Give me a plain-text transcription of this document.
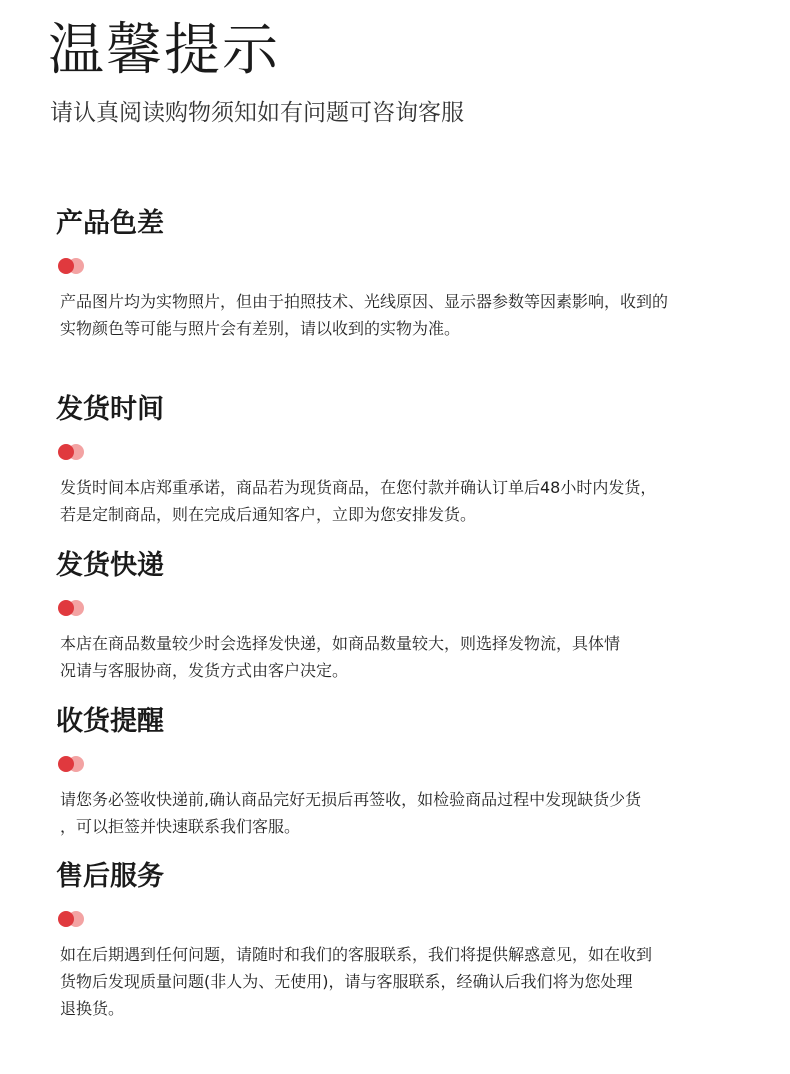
温馨提示

请认真阅读购物须知如有问题可咨询客服

产品色差

产品图片均为实物照片，但由于拍照技术、光线原因、显示器参数等因素影响，收到的

实物颜色等可能与照片会有差别，请以收到的实物为准。

发货时间

发货时间本店郑重承诺，商品若为现货商品，在您付款并确认订单后48小时内发货，

若是定制商品，则在完成后通知客户，立即为您安排发货。

发货快递

本店在商品数量较少时会选择发快递，如商品数量较大，则选择发物流，具体情

况请与客服协商，发货方式由客户决定。

收货提醒

请您务必签收快递前,确认商品完好无损后再签收，如检验商品过程中发现缺货少货

，可以拒签并快速联系我们客服。

售后服务

如在后期遇到任何问题，请随时和我们的客服联系，我们将提供解惑意见，如在收到

货物后发现质量问题(非人为、无使用)，请与客服联系，经确认后我们将为您处理

退换货。
